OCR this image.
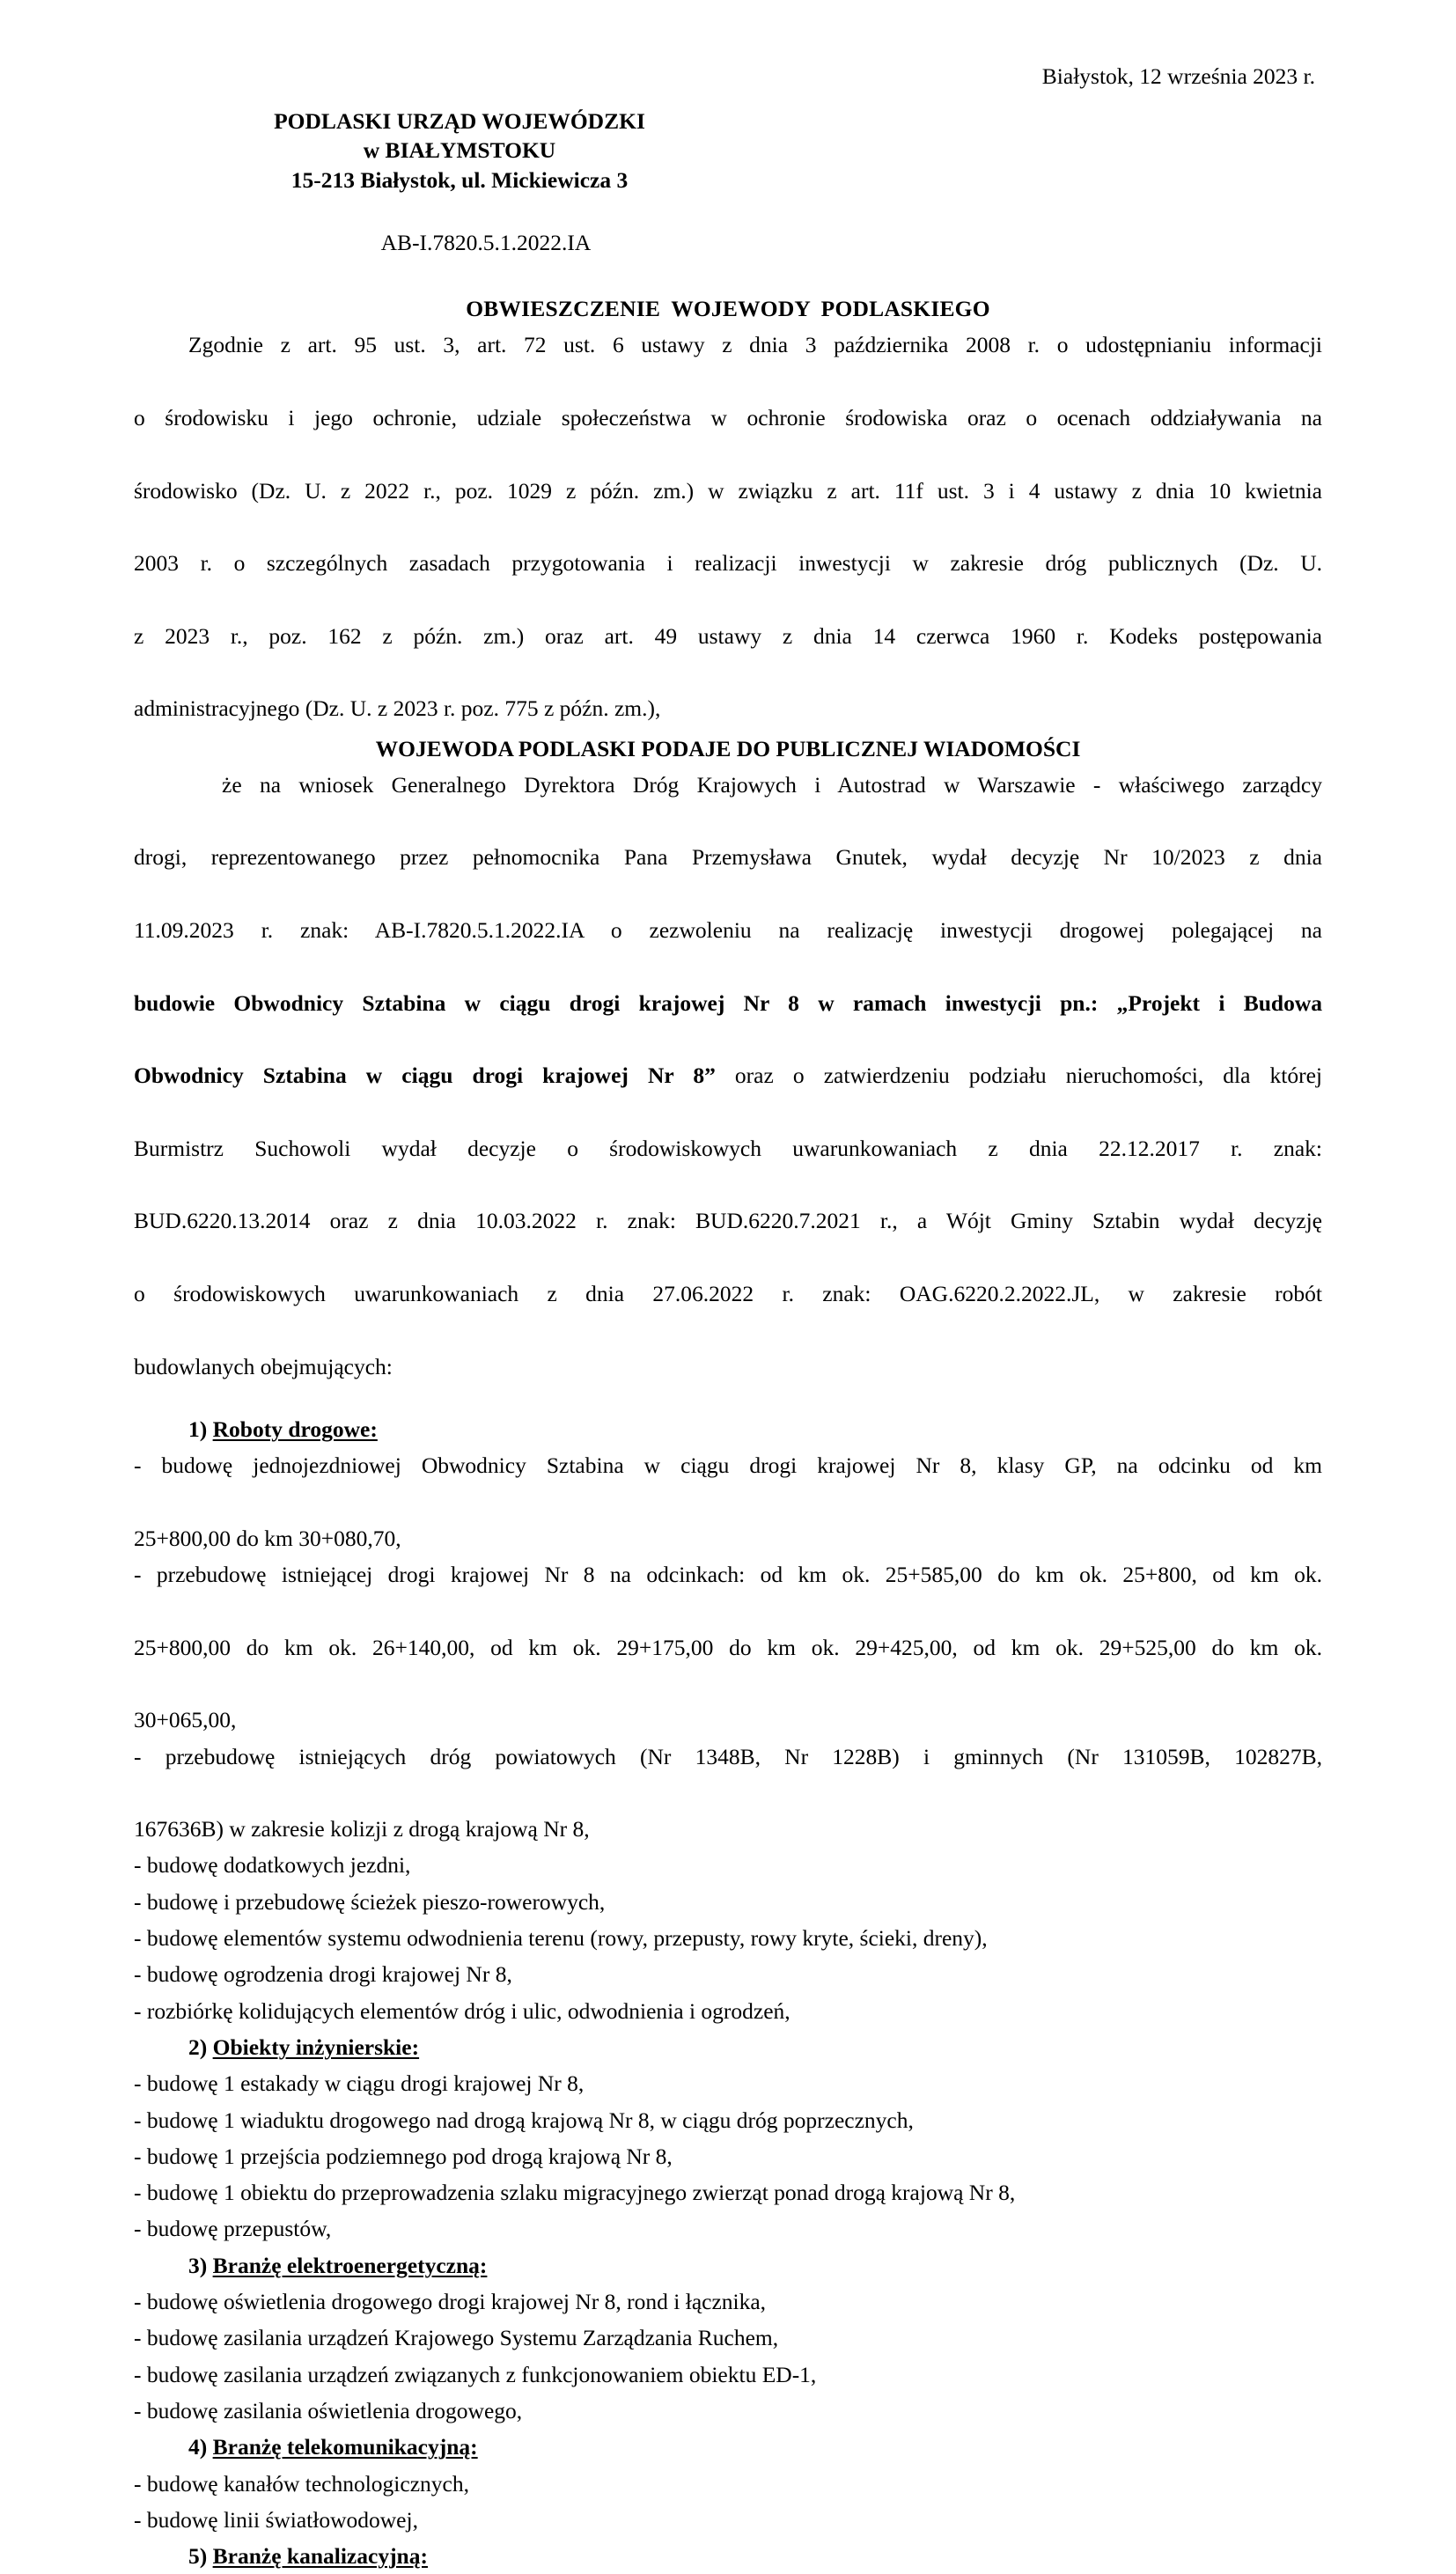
Białystok, 12 września 2023 r.

PODLASKI URZĄD WOJEWÓDZKI
w BIAŁYMSTOKU
15-213 Białystok, ul. Mickiewicza 3

AB-I.7820.5.1.2022.IA

OBWIESZCZENIE WOJEWODY PODLASKIEGO

Zgodnie z art. 95 ust. 3, art. 72 ust. 6 ustawy z dnia 3 października 2008 r. o udostępnianiu informacji

o środowisku i jego ochronie, udziale społeczeństwa w ochronie środowiska oraz o ocenach oddziaływania na

środowisko (Dz. U. z 2022 r., poz. 1029 z późn. zm.) w związku z art. 11f ust. 3 i 4 ustawy z dnia 10 kwietnia

2003 r. o szczególnych zasadach przygotowania i realizacji inwestycji w zakresie dróg publicznych (Dz. U.

z 2023 r., poz. 162 z późn. zm.) oraz art. 49 ustawy z dnia 14 czerwca 1960 r. Kodeks postępowania

administracyjnego (Dz. U. z 2023 r. poz. 775 z późn. zm.),

WOJEWODA PODLASKI PODAJE DO PUBLICZNEJ WIADOMOŚCI

że na wniosek Generalnego Dyrektora Dróg Krajowych i Autostrad w Warszawie - właściwego zarządcy

drogi, reprezentowanego przez pełnomocnika Pana Przemysława Gnutek, wydał decyzję Nr 10/2023 z dnia

11.09.2023 r. znak: AB-I.7820.5.1.2022.IA o zezwoleniu na realizację inwestycji drogowej polegającej na

budowie Obwodnicy Sztabina w ciągu drogi krajowej Nr 8 w ramach inwestycji pn.: „Projekt i Budowa

Obwodnicy Sztabina w ciągu drogi krajowej Nr 8” oraz o zatwierdzeniu podziału nieruchomości, dla której

Burmistrz Suchowoli wydał decyzje o środowiskowych uwarunkowaniach z dnia 22.12.2017 r. znak:

BUD.6220.13.2014 oraz z dnia 10.03.2022 r. znak: BUD.6220.7.2021 r., a Wójt Gminy Sztabin wydał decyzję

o środowiskowych uwarunkowaniach z dnia 27.06.2022 r. znak: OAG.6220.2.2022.JL, w zakresie robót

budowlanych obejmujących:

1) Roboty drogowe:

- budowę jednojezdniowej Obwodnicy Sztabina w ciągu drogi krajowej Nr 8, klasy GP, na odcinku od km

25+800,00 do km 30+080,70,

- przebudowę istniejącej drogi krajowej Nr 8 na odcinkach: od km ok. 25+585,00 do km ok. 25+800, od km ok.

25+800,00 do km ok. 26+140,00, od km ok. 29+175,00 do km ok. 29+425,00, od km ok. 29+525,00 do km ok.

30+065,00,

- przebudowę istniejących dróg powiatowych (Nr 1348B, Nr 1228B) i gminnych (Nr 131059B, 102827B,

167636B) w zakresie kolizji z drogą krajową Nr 8,

- budowę dodatkowych jezdni,

- budowę i przebudowę ścieżek pieszo-rowerowych,

- budowę elementów systemu odwodnienia terenu (rowy, przepusty, rowy kryte, ścieki, dreny),

- budowę ogrodzenia drogi krajowej Nr 8,

- rozbiórkę kolidujących elementów dróg i ulic, odwodnienia i ogrodzeń,

2) Obiekty inżynierskie:

- budowę 1 estakady w ciągu drogi krajowej Nr 8,

- budowę 1 wiaduktu drogowego nad drogą krajową Nr 8, w ciągu dróg poprzecznych,

- budowę 1 przejścia podziemnego pod drogą krajową Nr 8,

- budowę 1 obiektu do przeprowadzenia szlaku migracyjnego zwierząt ponad drogą krajową Nr 8,

- budowę przepustów,

3) Branżę elektroenergetyczną:

- budowę oświetlenia drogowego drogi krajowej Nr 8, rond i łącznika,

- budowę zasilania urządzeń Krajowego Systemu Zarządzania Ruchem,

- budowę zasilania urządzeń związanych z funkcjonowaniem obiektu ED-1,

- budowę zasilania oświetlenia drogowego,

4) Branżę telekomunikacyjną:

- budowę kanałów technologicznych,

- budowę linii światłowodowej,

5) Branżę kanalizacyjną:
